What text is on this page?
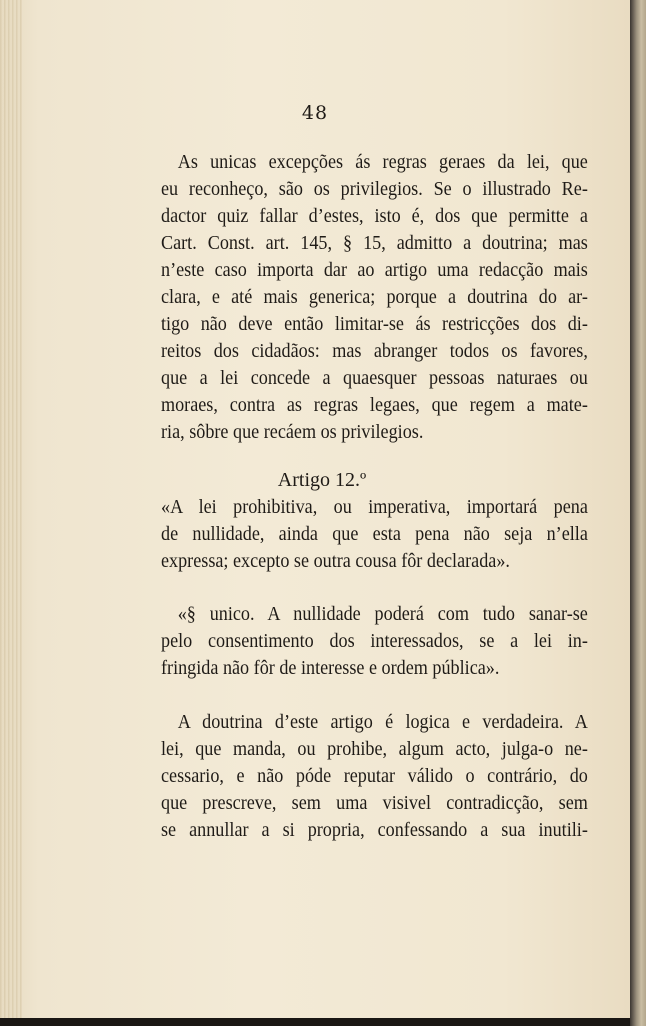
48
As unicas excepções ás regras geraes da lei, que
eu reconheço, são os privilegios. Se o illustrado Re-
dactor quiz fallar d’estes, isto é, dos que permitte a
Cart. Const. art. 145, § 15, admitto a doutrina; mas
n’este caso importa dar ao artigo uma redacção mais
clara, e até mais generica; porque a doutrina do ar-
tigo não deve então limitar-se ás restricções dos di-
reitos dos cidadãos: mas abranger todos os favores,
que a lei concede a quaesquer pessoas naturaes ou
moraes, contra as regras legaes, que regem a mate-
ria, sôbre que recáem os privilegios.
Artigo 12.º
«A lei prohibitiva, ou imperativa, importará pena
de nullidade, ainda que esta pena não seja n’ella
expressa; excepto se outra cousa fôr declarada».
«§ unico. A nullidade poderá com tudo sanar-se
pelo consentimento dos interessados, se a lei in-
fringida não fôr de interesse e ordem pública».
A doutrina d’este artigo é logica e verdadeira. A
lei, que manda, ou prohibe, algum acto, julga-o ne-
cessario, e não póde reputar válido o contrário, do
que prescreve, sem uma visivel contradicção, sem
se annullar a si propria, confessando a sua inutili-
